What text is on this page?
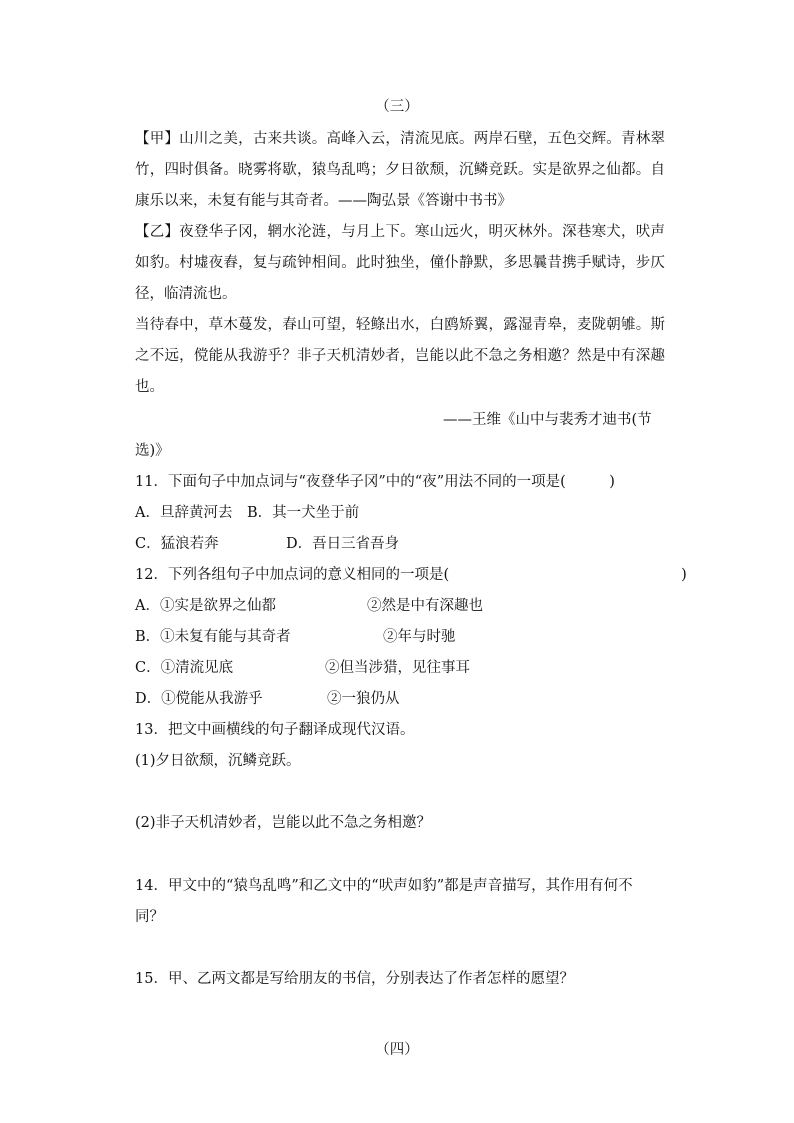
（三）
【甲】山川之美，古来共谈。高峰入云，清流见底。两岸石壁，五色交辉。青林翠竹，四时俱备。晓雾将歇，猿鸟乱鸣；夕日欲颓，沉鳞竞跃。实是欲界之仙都。自康乐以来，未复有能与其奇者。——陶弘景《答谢中书书》
【乙】夜登华子冈，辋水沦涟，与月上下。寒山远火，明灭林外。深巷寒犬，吠声如豹。村墟夜舂，复与疏钟相间。此时独坐，僮仆静默，多思曩昔携手赋诗，步仄径，临清流也。
当待春中，草木蔓发，春山可望，轻鲦出水，白鸥矫翼，露湿青皋，麦陇朝雊。斯之不远，傥能从我游乎？非子天机清妙者，岂能以此不急之务相邀？然是中有深趣也。
——王维《山中与裴秀才迪书(节
选)》
11．下面句子中加点词与“夜登华子冈”中的“夜”用法不同的一项是(　　　)
A．旦辞黄河去 B．其一犬坐于前
C．猛浪若奔	D．吾日三省吾身
12．下列各组句子中加点词的意义相同的一项是(　　　　　　　　　　　　　　　　)
A．①实是欲界之仙都	②然是中有深趣也
B．①未复有能与其奇者	②年与时驰
C．①清流见底	②但当涉猎，见往事耳
D．①傥能从我游乎	②一狼仍从
13．把文中画横线的句子翻译成现代汉语。
(1)夕日欲颓，沉鳞竞跃。
(2)非子天机清妙者，岂能以此不急之务相邀？
14．甲文中的“猿鸟乱鸣”和乙文中的“吠声如豹”都是声音描写，其作用有何不
同？
15．甲、乙两文都是写给朋友的书信，分别表达了作者怎样的愿望？
（四）
